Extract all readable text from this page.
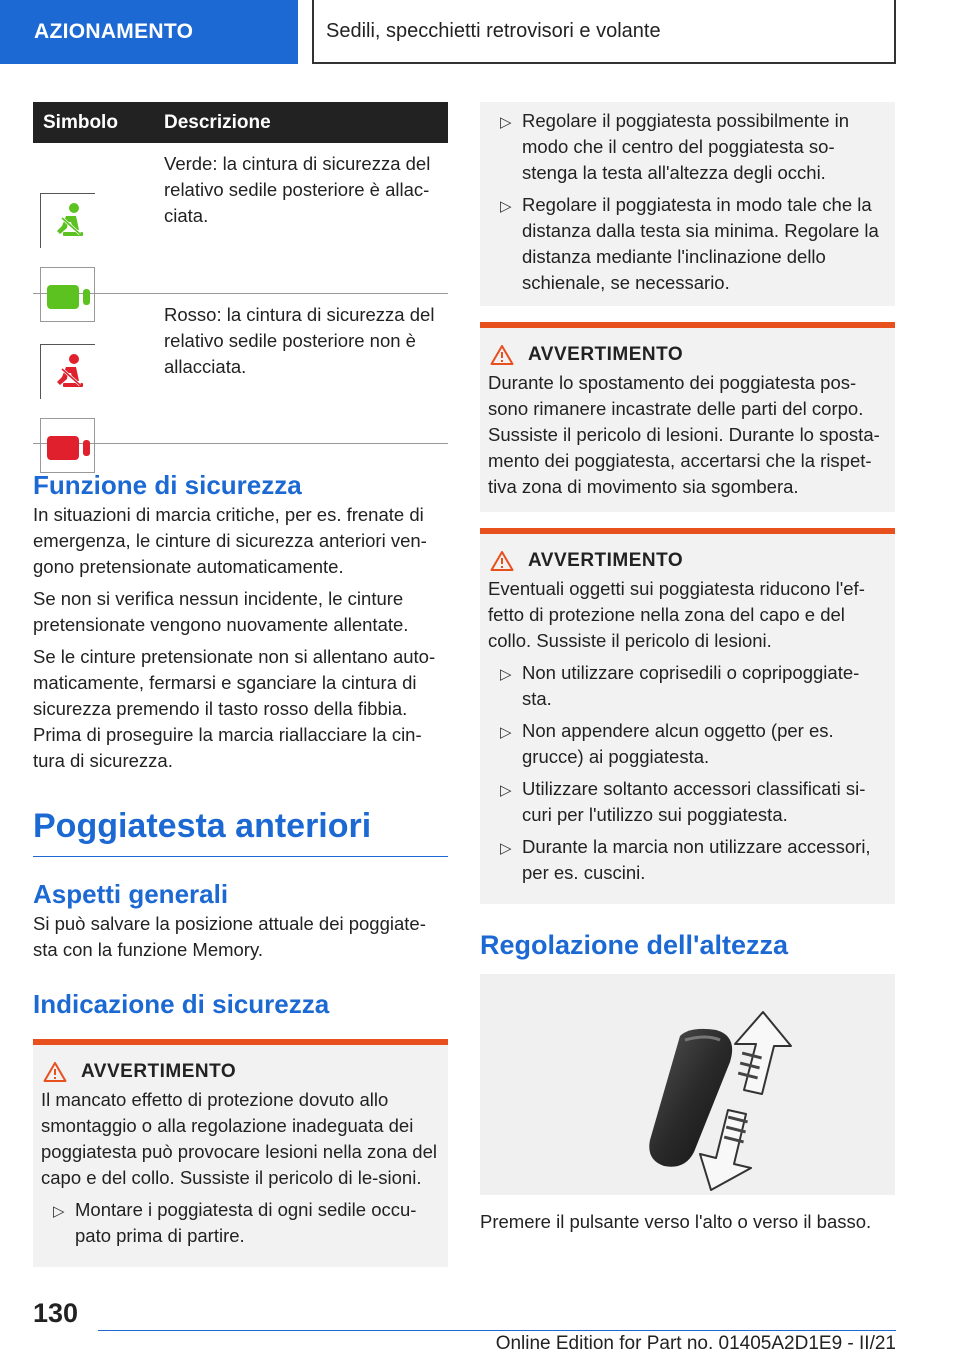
AZIONAMENTO	Sedili, specchietti retrovisori e volante
Simbolo	Descrizione

	Verde: la cintura di sicurezza del relativo sedile posteriore è allac-ciata.

	Rosso: la cintura di sicurezza del relativo sedile posteriore non è allacciata.
Funzione di sicurezza
In situazioni di marcia critiche, per es. frenate di emergenza, le cinture di sicurezza anteriori ven-gono pretensionate automaticamente.
Se non si verifica nessun incidente, le cinture pretensionate vengono nuovamente allentate.
Se le cinture pretensionate non si allentano auto-maticamente, fermarsi e sganciare la cintura di sicurezza premendo il tasto rosso della fibbia. Prima di proseguire la marcia riallacciare la cin-tura di sicurezza.
Poggiatesta anteriori
Aspetti generali
Si può salvare la posizione attuale dei poggiate-sta con la funzione Memory.
Indicazione di sicurezza
AVVERTIMENTO
Il mancato effetto di protezione dovuto allo smontaggio o alla regolazione inadeguata dei poggiatesta può provocare lesioni nella zona del capo e del collo. Sussiste il pericolo di le-sioni.
▷ Montare i poggiatesta di ogni sedile occu-pato prima di partire.
▷ Regolare il poggiatesta possibilmente in modo che il centro del poggiatesta so-stenga la testa all'altezza degli occhi.
▷ Regolare il poggiatesta in modo tale che la distanza dalla testa sia minima. Regolare la distanza mediante l'inclinazione dello schienale, se necessario.
AVVERTIMENTO
Durante lo spostamento dei poggiatesta pos-sono rimanere incastrate delle parti del corpo. Sussiste il pericolo di lesioni. Durante lo sposta-mento dei poggiatesta, accertarsi che la rispet-tiva zona di movimento sia sgombera.
AVVERTIMENTO
Eventuali oggetti sui poggiatesta riducono l'ef-fetto di protezione nella zona del capo e del collo. Sussiste il pericolo di lesioni.
▷ Non utilizzare coprisedili o copripoggiate-sta.
▷ Non appendere alcun oggetto (per es. grucce) ai poggiatesta.
▷ Utilizzare soltanto accessori classificati si-curi per l'utilizzo sui poggiatesta.
▷ Durante la marcia non utilizzare accessori, per es. cuscini.
Regolazione dell'altezza
Premere il pulsante verso l'alto o verso il basso.
130
Online Edition for Part no. 01405A2D1E9 - II/21
